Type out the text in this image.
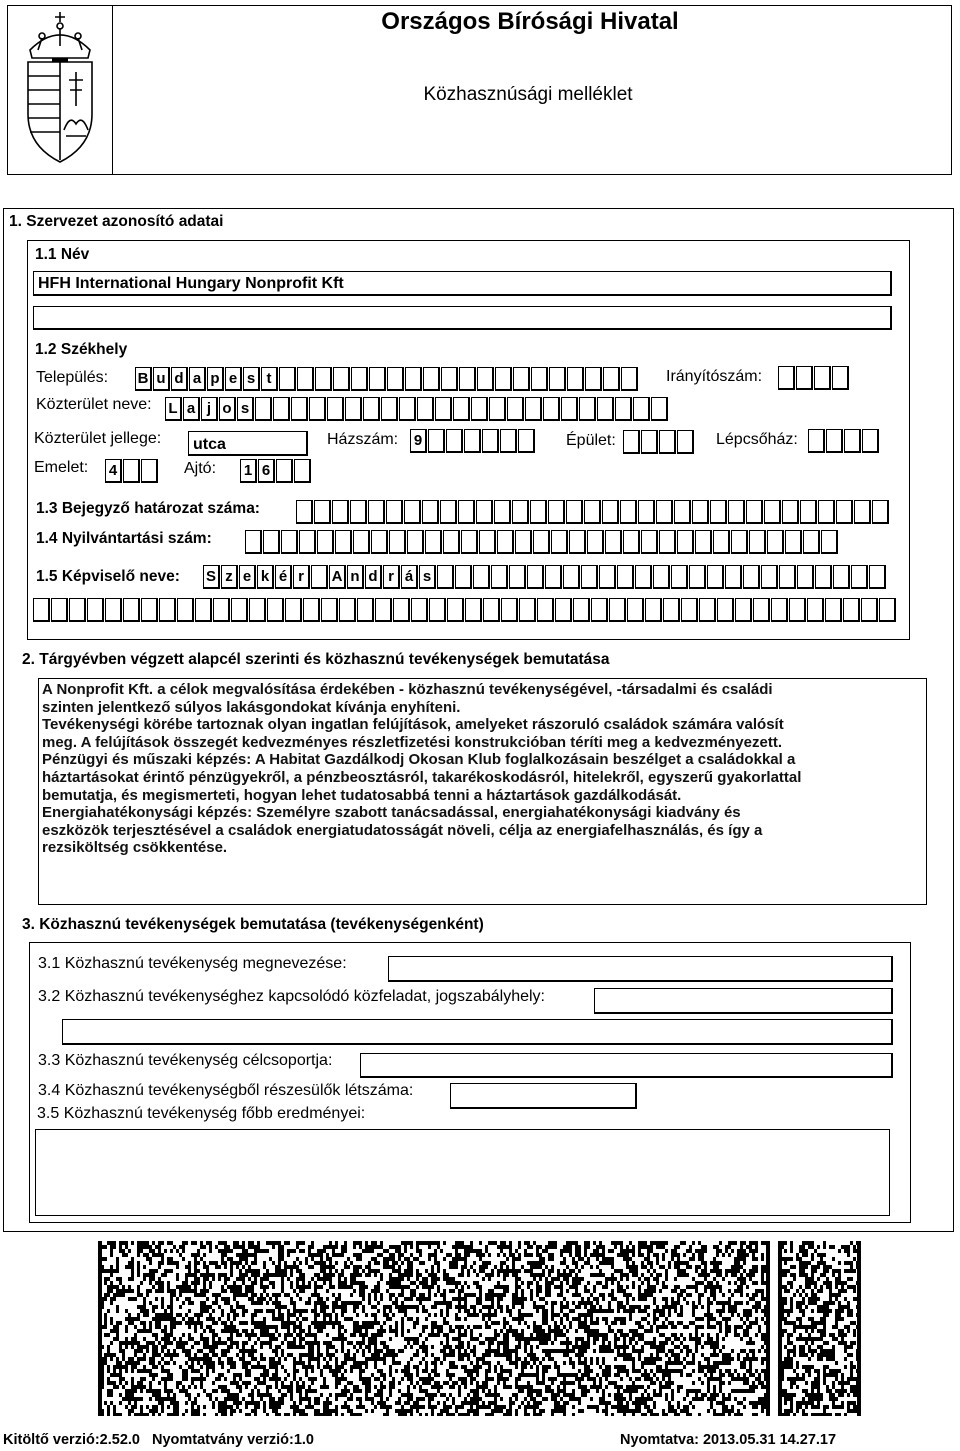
Országos Bírósági Hivatal
Közhasznúsági melléklet
1. Szervezet azonosító adatai
1.1 Név
HFH International Hungary Nonprofit Kft
1.2 Székhely
Település: B u d a p e s t	Irányítószám:
Közterület neve: L a j o s
Közterület jellege:	utca	Házszám: 9	Épület:	Lépcsőház:
Emelet: 4	Ajtó: 1 6
1.3 Bejegyző határozat száma:
1.4 Nyilvántartási szám:
1.5 Képviselő neve: S z e k é r	A n d r á s
2. Tárgyévben végzett alapcél szerinti és közhasznú tevékenységek bemutatása
A Nonprofit Kft. a célok megvalósítása érdekében - közhasznú tevékenységével, -társadalmi és családi
szinten jelentkező súlyos lakásgondokat kívánja enyhíteni.
Tevékenységi körébe tartoznak olyan ingatlan felújítások, amelyeket rászoruló családok számára valósít
meg. A felújítások összegét kedvezményes részletfizetési konstrukcióban téríti meg a kedvezményezett.
Pénzügyi és műszaki képzés: A Habitat Gazdálkodj Okosan Klub foglalkozásain beszélget a családokkal a
háztartásokat érintő pénzügyekről, a pénzbeosztásról, takarékoskodásról, hitelekről, egyszerű gyakorlattal
bemutatja, és megismerteti, hogyan lehet tudatosabbá tenni a háztartások gazdálkodását.
Energiahatékonysági képzés: Személyre szabott tanácsadással, energiahatékonysági kiadvány és
eszközök terjesztésével a családok energiatudatosságát növeli, célja az energiafelhasználás, és így a
rezsiköltség csökkentése.
3. Közhasznú tevékenységek bemutatása (tevékenységenként)
3.1 Közhasznú tevékenység megnevezése:
3.2 Közhasznú tevékenységhez kapcsolódó közfeladat, jogszabályhely:
3.3 Közhasznú tevékenység célcsoportja:
3.4 Közhasznú tevékenységből részesülők létszáma:
3.5 Közhasznú tevékenység főbb eredményei:
Kitöltő verzió:2.52.0 Nyomtatvány verzió:1.0	Nyomtatva: 2013.05.31 14.27.17
